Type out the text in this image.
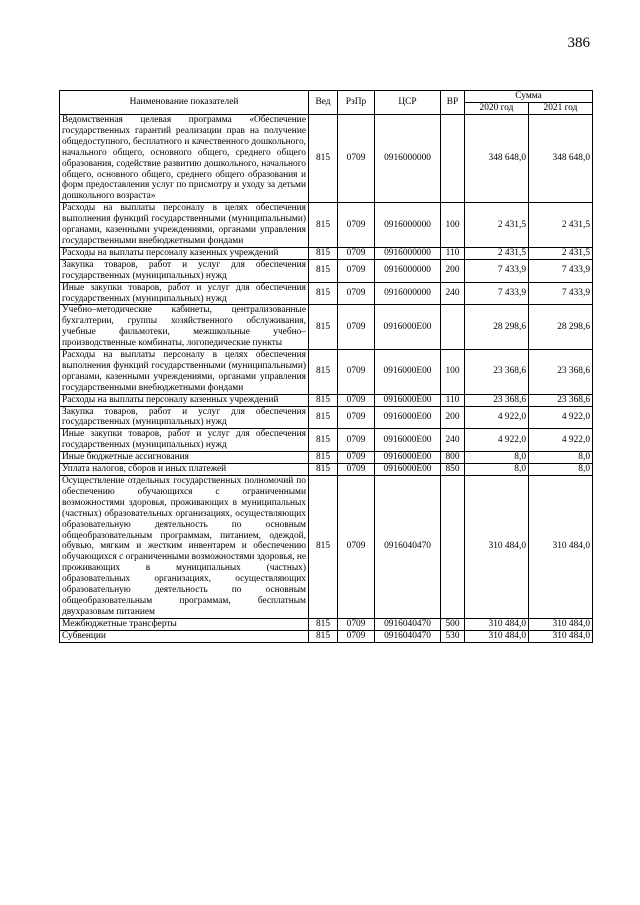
386
Наименование показателей	Вед	РзПр	ЦСР	ВР	Сумма	
					2020 год	2021 год
Ведомственная целевая программа «Обеспечение государственных гарантий реализации прав на получение общедоступного, бесплатного и качественного дошкольного, начального общего, основного общего, среднего общего образования, содействие развитию дошкольного, начального общего, основного общего, среднего общего образования и форм предоставления услуг по присмотру и уходу за детьми дошкольного возраста»	815	0709	0916000000		348 648,0	348 648,0
Расходы на выплаты персоналу в целях обеспечения выполнения функций государственными (муниципальными) органами, казенными учреждениями, органами управления государственными внебюджетными фондами	815	0709	0916000000	100	2 431,5	2 431,5
Расходы на выплаты персоналу казенных учреждений	815	0709	0916000000	110	2 431,5	2 431,5
Закупка товаров, работ и услуг для обеспечения государственных (муниципальных) нужд	815	0709	0916000000	200	7 433,9	7 433,9
Иные закупки товаров, работ и услуг для обеспечения государственных (муниципальных) нужд	815	0709	0916000000	240	7 433,9	7 433,9
Учебно–методические кабинеты, централизованные бухгалтерии, группы хозяйственного обслуживания, учебные фильмотеки, межшкольные учебно–производственные комбинаты, логопедические пункты	815	0709	0916000Е00		28 298,6	28 298,6
Расходы на выплаты персоналу в целях обеспечения выполнения функций государственными (муниципальными) органами, казенными учреждениями, органами управления государственными внебюджетными фондами	815	0709	0916000Е00	100	23 368,6	23 368,6
Расходы на выплаты персоналу казенных учреждений	815	0709	0916000Е00	110	23 368,6	23 368,6
Закупка товаров, работ и услуг для обеспечения государственных (муниципальных) нужд	815	0709	0916000Е00	200	4 922,0	4 922,0
Иные закупки товаров, работ и услуг для обеспечения государственных (муниципальных) нужд	815	0709	0916000Е00	240	4 922,0	4 922,0
Иные бюджетные ассигнования	815	0709	0916000Е00	800	8,0	8,0
Уплата налогов, сборов и иных платежей	815	0709	0916000Е00	850	8,0	8,0
Осуществление отдельных государственных полномочий по обеспечению обучающихся с ограниченными возможностями здоровья, проживающих в муниципальных (частных) образовательных организациях, осуществляющих образовательную деятельность по основным общеобразовательным программам, питанием, одеждой, обувью, мягким и жестким инвентарем и обеспечению обучающихся с ограниченными возможностями здоровья, не проживающих в муниципальных (частных) образовательных организациях, осуществляющих образовательную деятельность по основным общеобразовательным программам, бесплатным двухразовым питанием	815	0709	0916040470		310 484,0	310 484,0
Межбюджетные трансферты	815	0709	0916040470	500	310 484,0	310 484,0
Субвенции	815	0709	0916040470	530	310 484,0	310 484,0
